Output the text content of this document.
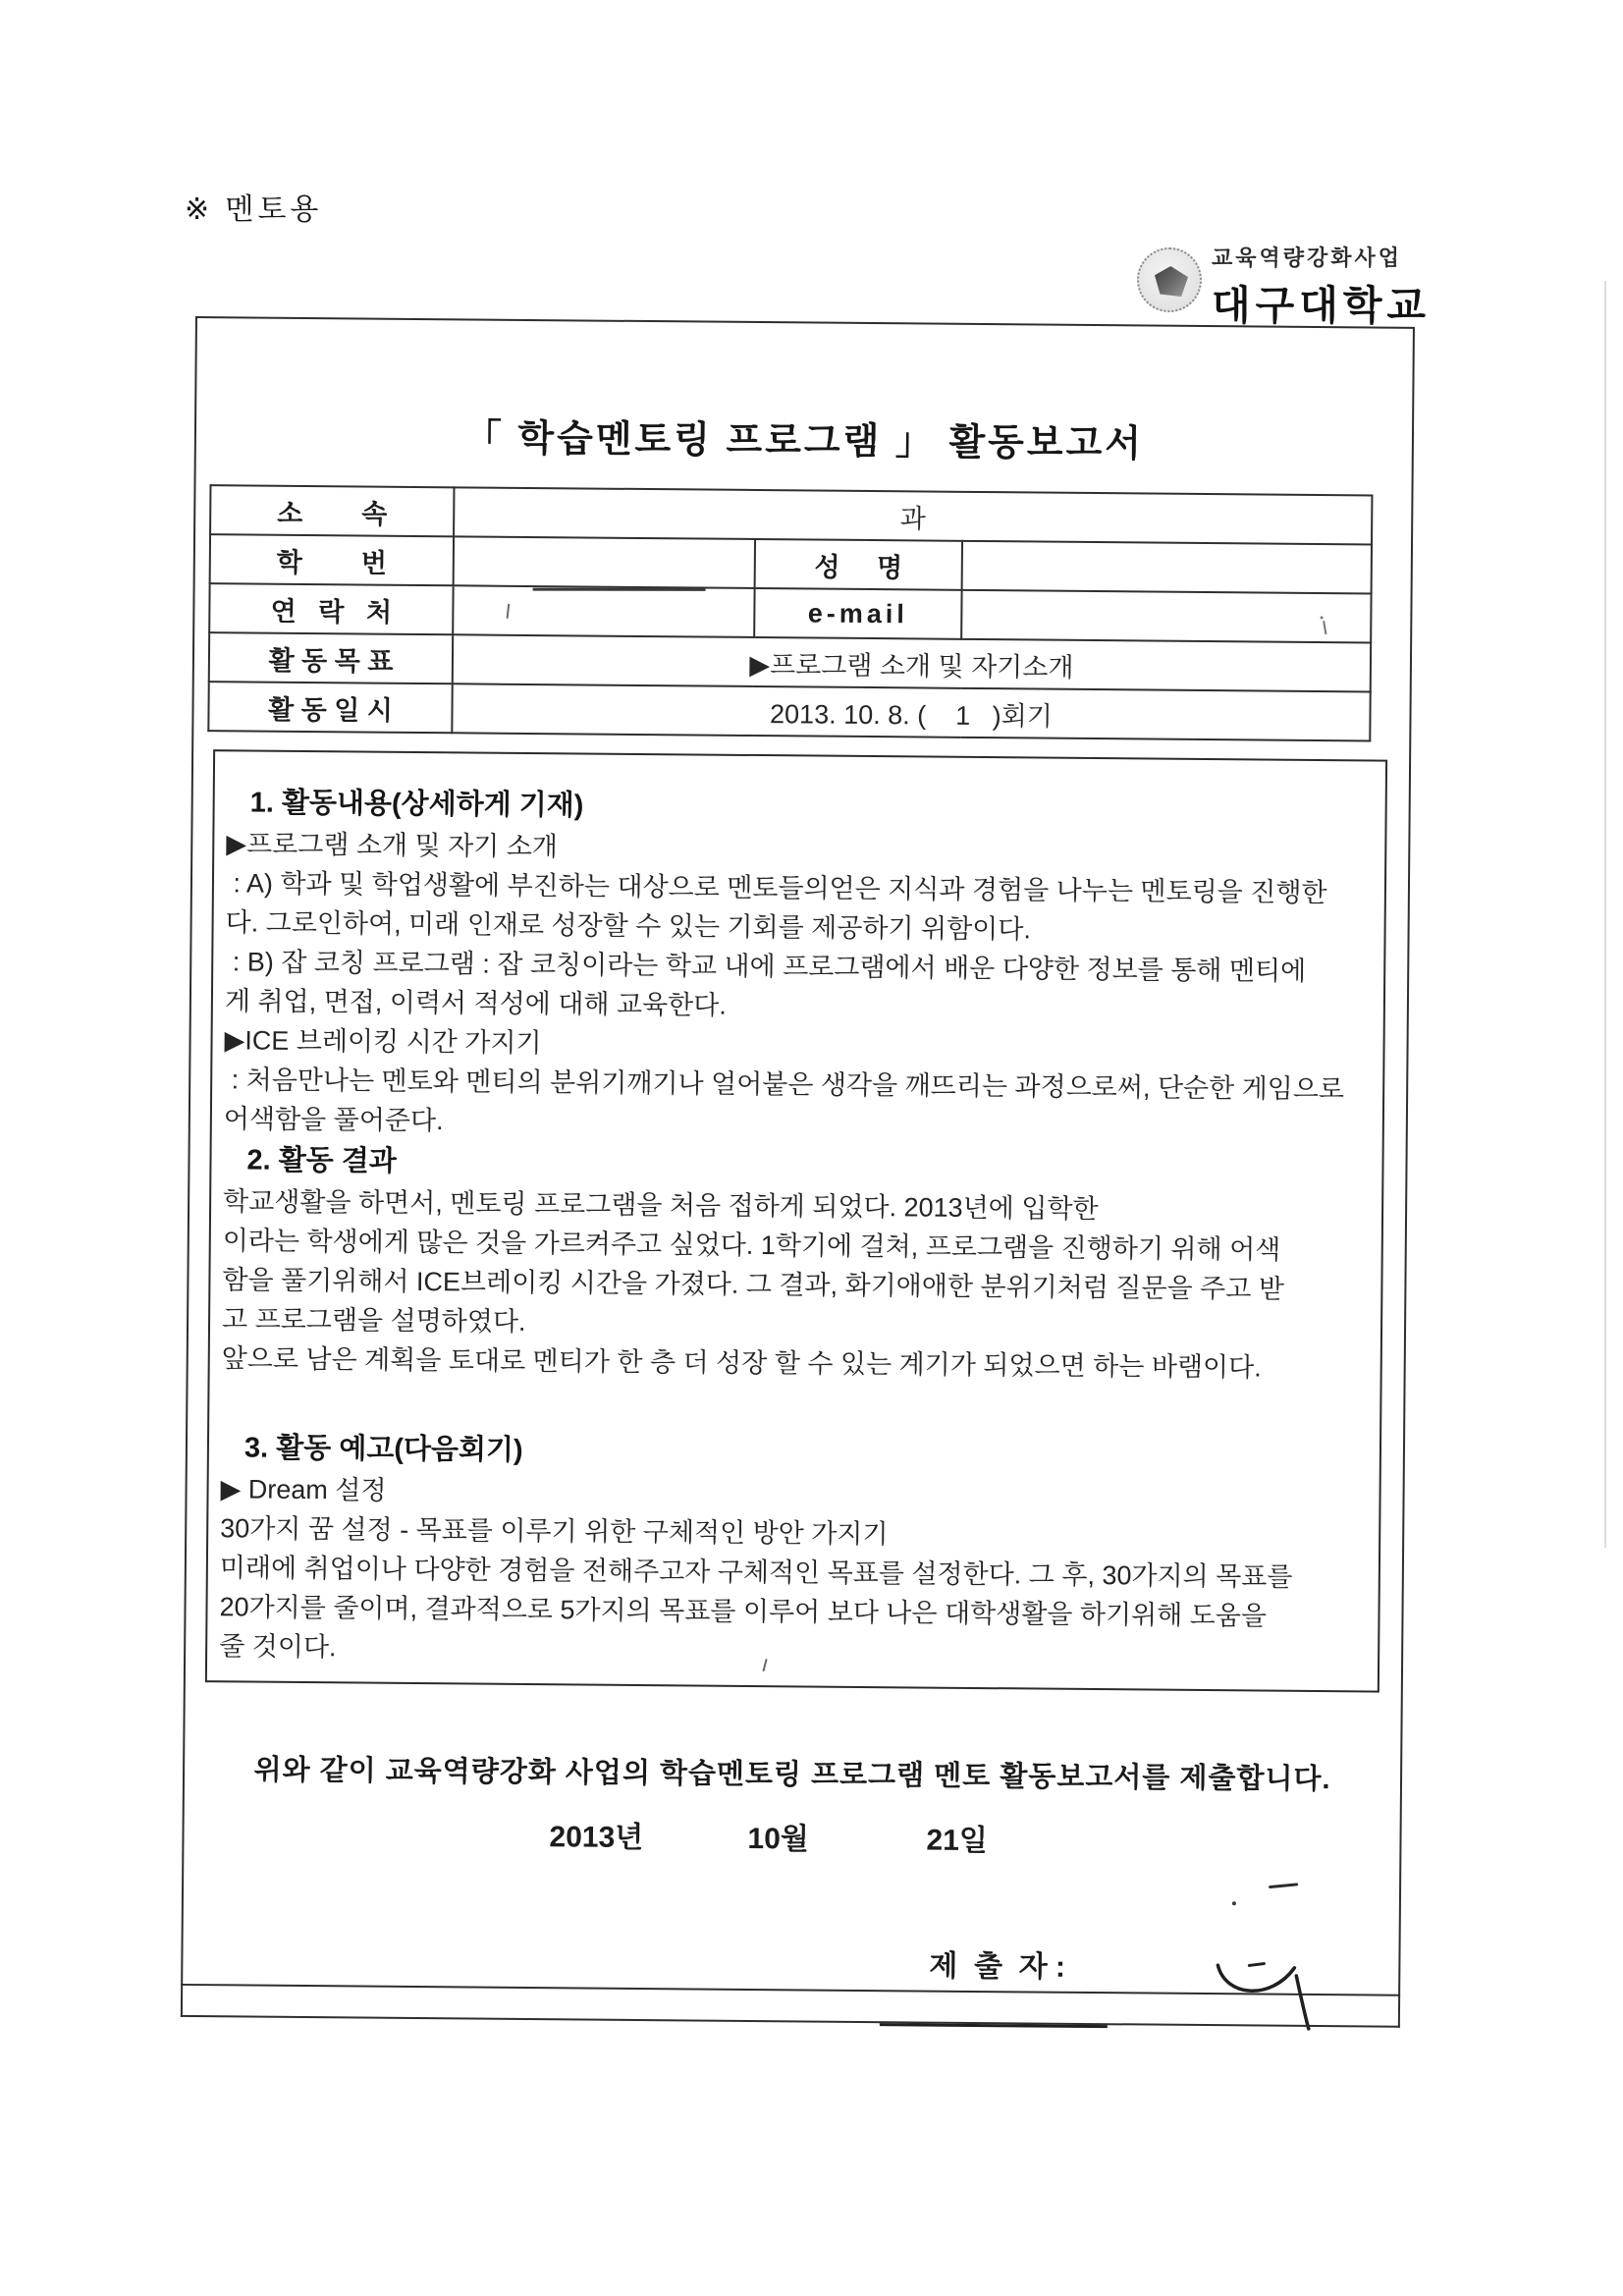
※ 멘토용
교육역량강화사업
대구대학교
「 학습멘토링 프로그램 」 활동보고서
소        속	과		
학        번		성     명	
연   락   처		e-mail	
활 동 목 표	▶프로그램 소개 및 자기소개		
활 동 일 시	2013. 10. 8. (    1   )회기		
1. 활동내용(상세하게 기재)

▶프로그램 소개 및 자기 소개

: A) 학과 및 학업생활에 부진하는 대상으로 멘토들의얻은 지식과 경험을 나누는 멘토링을 진행한

다. 그로인하여, 미래 인재로 성장할 수 있는 기회를 제공하기 위함이다.

: B) 잡 코칭 프로그램 : 잡 코칭이라는 학교 내에 프로그램에서 배운 다양한 정보를 통해 멘티에

게 취업, 면접, 이력서 적성에 대해 교육한다.

▶ICE 브레이킹 시간 가지기

: 처음만나는 멘토와 멘티의 분위기깨기나 얼어붙은 생각을 깨뜨리는 과정으로써, 단순한 게임으로

어색함을 풀어준다.

2. 활동 결과

학교생활을 하면서, 멘토링 프로그램을 처음 접하게 되었다. 2013년에 입학한

이라는 학생에게 많은 것을 가르켜주고 싶었다. 1학기에 걸쳐, 프로그램을 진행하기 위해 어색

함을 풀기위해서 ICE브레이킹 시간을 가졌다. 그 결과, 화기애애한 분위기처럼 질문을 주고 받

고 프로그램을 설명하였다.

앞으로 남은 계획을 토대로 멘티가 한 층 더 성장 할 수 있는 계기가 되었으면 하는 바램이다.

3. 활동 예고(다음회기)

▶ Dream 설정

30가지 꿈 설정 - 목표를 이루기 위한 구체적인 방안 가지기

미래에 취업이나 다양한 경험을 전해주고자 구체적인 목표를 설정한다. 그 후, 30가지의 목표를

20가지를 줄이며, 결과적으로 5가지의 목표를 이루어 보다 나은 대학생활을 하기위해 도움을

줄 것이다.

위와 같이 교육역량강화 사업의 학습멘토링 프로그램 멘토 활동보고서를 제출합니다.
2013년	10월	21일

제  출  자 :
